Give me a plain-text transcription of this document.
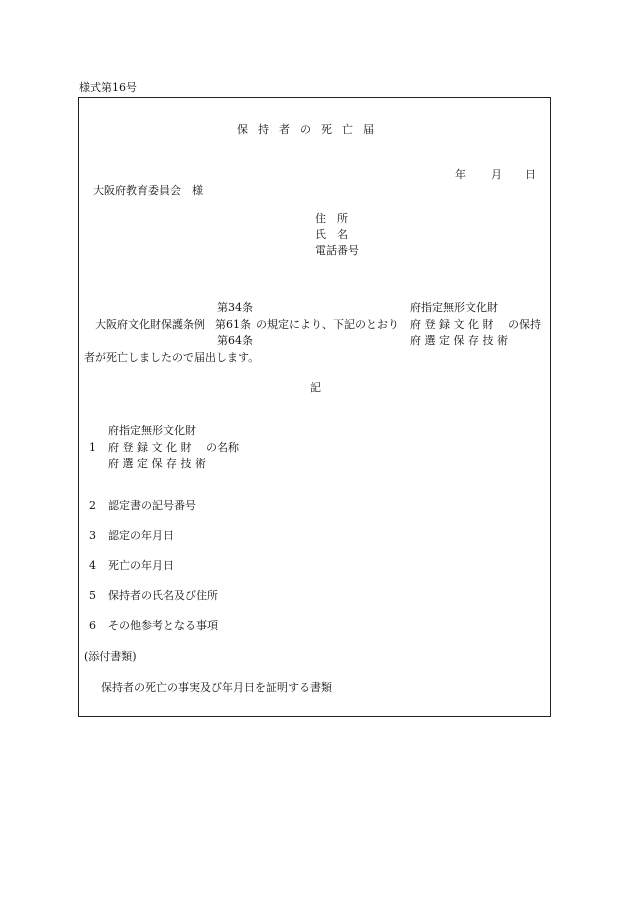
様式第16号
保持者の死亡届
年 月 日
大阪府教育委員会　様
住　所
氏　名
電話番号
第34条
大阪府文化財保護条例 第61条 の規定により、下記のとおり
第64条
府指定無形文化財
府 登 録 文 化 財 の保持
府 選 定 保 存 技 術
者が死亡しましたので届出します。
記
府指定無形文化財
1 府 登 録 文 化 財 の名称
府 選 定 保 存 技 術
2 認定書の記号番号
3 認定の年月日
4 死亡の年月日
5 保持者の氏名及び住所
6 その他参考となる事項
(添付書類)
保持者の死亡の事実及び年月日を証明する書類
